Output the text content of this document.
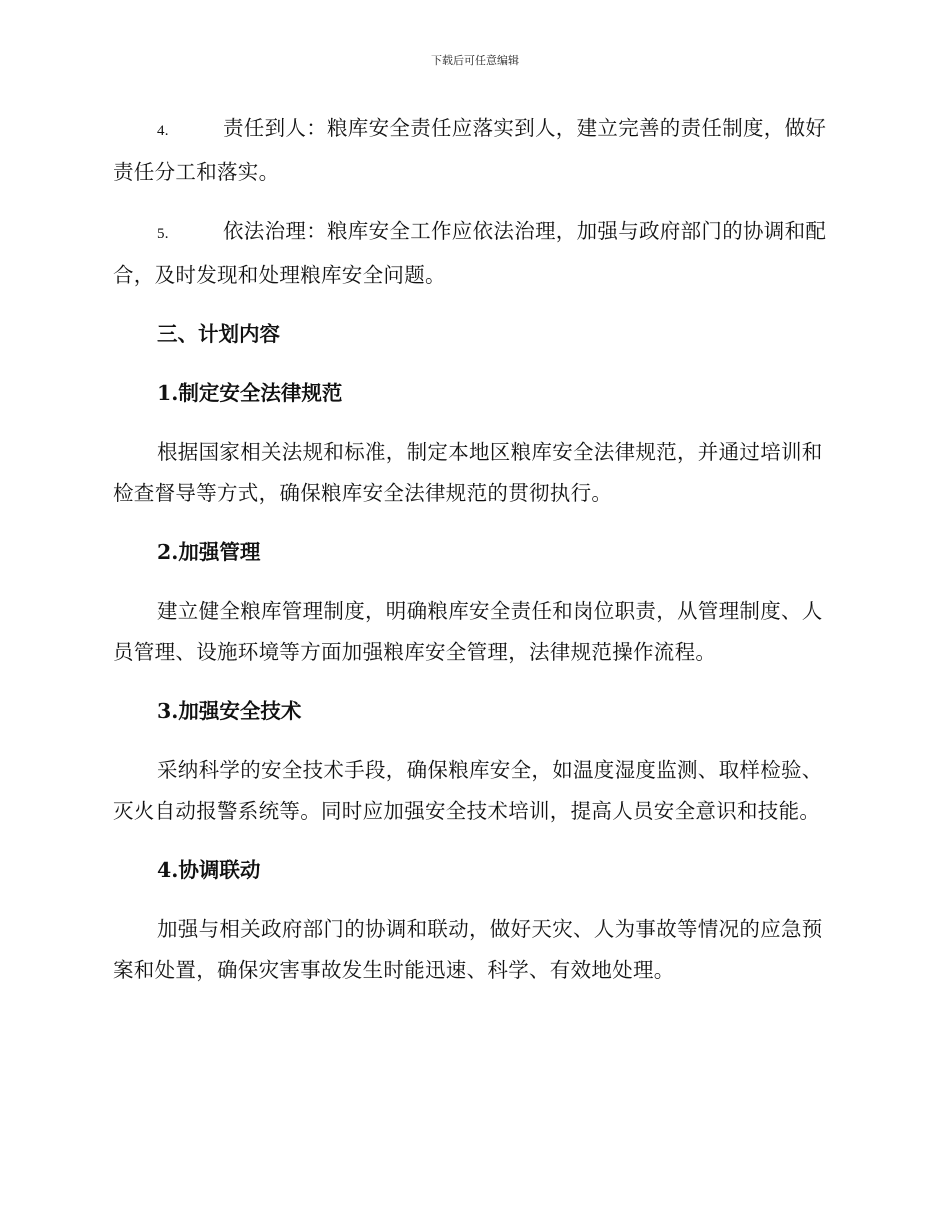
下载后可任意编辑

4.	责任到人：粮库安全责任应落实到人，建立完善的责任制度，做好责任分工和落实。

5.	依法治理：粮库安全工作应依法治理，加强与政府部门的协调和配合，及时发现和处理粮库安全问题。

三、计划内容
1.制定安全法律规范

根据国家相关法规和标准，制定本地区粮库安全法律规范，并通过培训和检查督导等方式，确保粮库安全法律规范的贯彻执行。

2.加强管理

建立健全粮库管理制度，明确粮库安全责任和岗位职责，从管理制度、人员管理、设施环境等方面加强粮库安全管理，法律规范操作流程。

3.加强安全技术

采纳科学的安全技术手段，确保粮库安全，如温度湿度监测、取样检验、灭火自动报警系统等。同时应加强安全技术培训，提高人员安全意识和技能。

4.协调联动

加强与相关政府部门的协调和联动，做好天灾、人为事故等情况的应急预案和处置，确保灾害事故发生时能迅速、科学、有效地处理。
